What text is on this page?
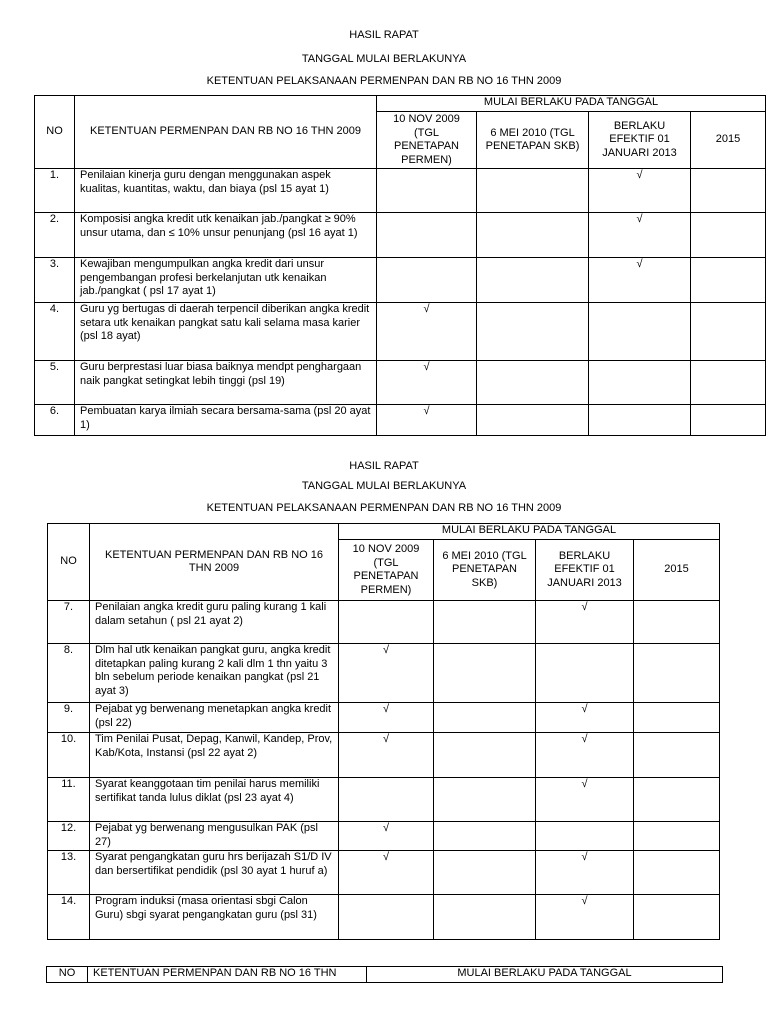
HASIL RAPAT
TANGGAL MULAI BERLAKUNYA
KETENTUAN PELAKSANAAN PERMENPAN DAN RB NO 16 THN 2009
NO	KETENTUAN PERMENPAN DAN RB NO 16 THN 2009	MULAI BERLAKU PADA TANGGAL			
		10 NOV 2009 (TGL PENETAPAN PERMEN)	6 MEI 2010 (TGL PENETAPAN SKB)	BERLAKU EFEKTIF 01 JANUARI 2013	2015
1.	Penilaian kinerja guru dengan menggunakan aspek kualitas, kuantitas, waktu, dan biaya (psl 15 ayat 1)			√	
2.	Komposisi angka kredit utk kenaikan jab./pangkat ≥ 90% unsur utama, dan ≤ 10% unsur penunjang (psl 16 ayat 1)			√	
3.	Kewajiban mengumpulkan angka kredit dari unsur pengembangan profesi berkelanjutan utk kenaikan jab./pangkat ( psl 17 ayat 1)			√	
4.	Guru yg bertugas di daerah terpencil diberikan angka kredit setara utk kenaikan pangkat satu kali selama masa karier (psl 18 ayat)	√			
5.	Guru berprestasi luar biasa baiknya mendpt penghargaan naik pangkat setingkat lebih tinggi (psl 19)	√			
6.	Pembuatan karya ilmiah secara bersama-sama (psl 20 ayat 1)	√			
HASIL RAPAT
TANGGAL MULAI BERLAKUNYA
KETENTUAN PELAKSANAAN PERMENPAN DAN RB NO 16 THN 2009
NO	KETENTUAN PERMENPAN DAN RB NO 16 THN 2009	MULAI BERLAKU PADA TANGGAL			
		10 NOV 2009 (TGL PENETAPAN PERMEN)	6 MEI 2010 (TGL PENETAPAN SKB)	BERLAKU EFEKTIF 01 JANUARI 2013	2015
7.	Penilaian angka kredit guru paling kurang 1 kali dalam setahun ( psl 21 ayat 2)			√	
8.	Dlm hal utk kenaikan pangkat guru, angka kredit ditetapkan paling kurang 2 kali dlm 1 thn yaitu 3 bln sebelum periode kenaikan pangkat (psl 21 ayat 3)	√			
9.	Pejabat yg berwenang menetapkan angka kredit (psl 22)	√		√	
10.	Tim Penilai Pusat, Depag, Kanwil, Kandep, Prov, Kab/Kota, Instansi (psl 22 ayat 2)	√		√	
11.	Syarat keanggotaan tim penilai harus memiliki sertifikat tanda lulus diklat (psl 23 ayat 4)			√	
12.	Pejabat yg berwenang mengusulkan PAK (psl 27)	√			
13.	Syarat pengangkatan guru hrs berijazah S1/D IV dan bersertifikat pendidik (psl 30 ayat 1 huruf a)	√		√	
14.	Program induksi (masa orientasi sbgi Calon Guru) sbgi syarat pengangkatan guru (psl 31)			√	
NO	KETENTUAN PERMENPAN DAN RB NO 16 THN	MULAI BERLAKU PADA TANGGAL
